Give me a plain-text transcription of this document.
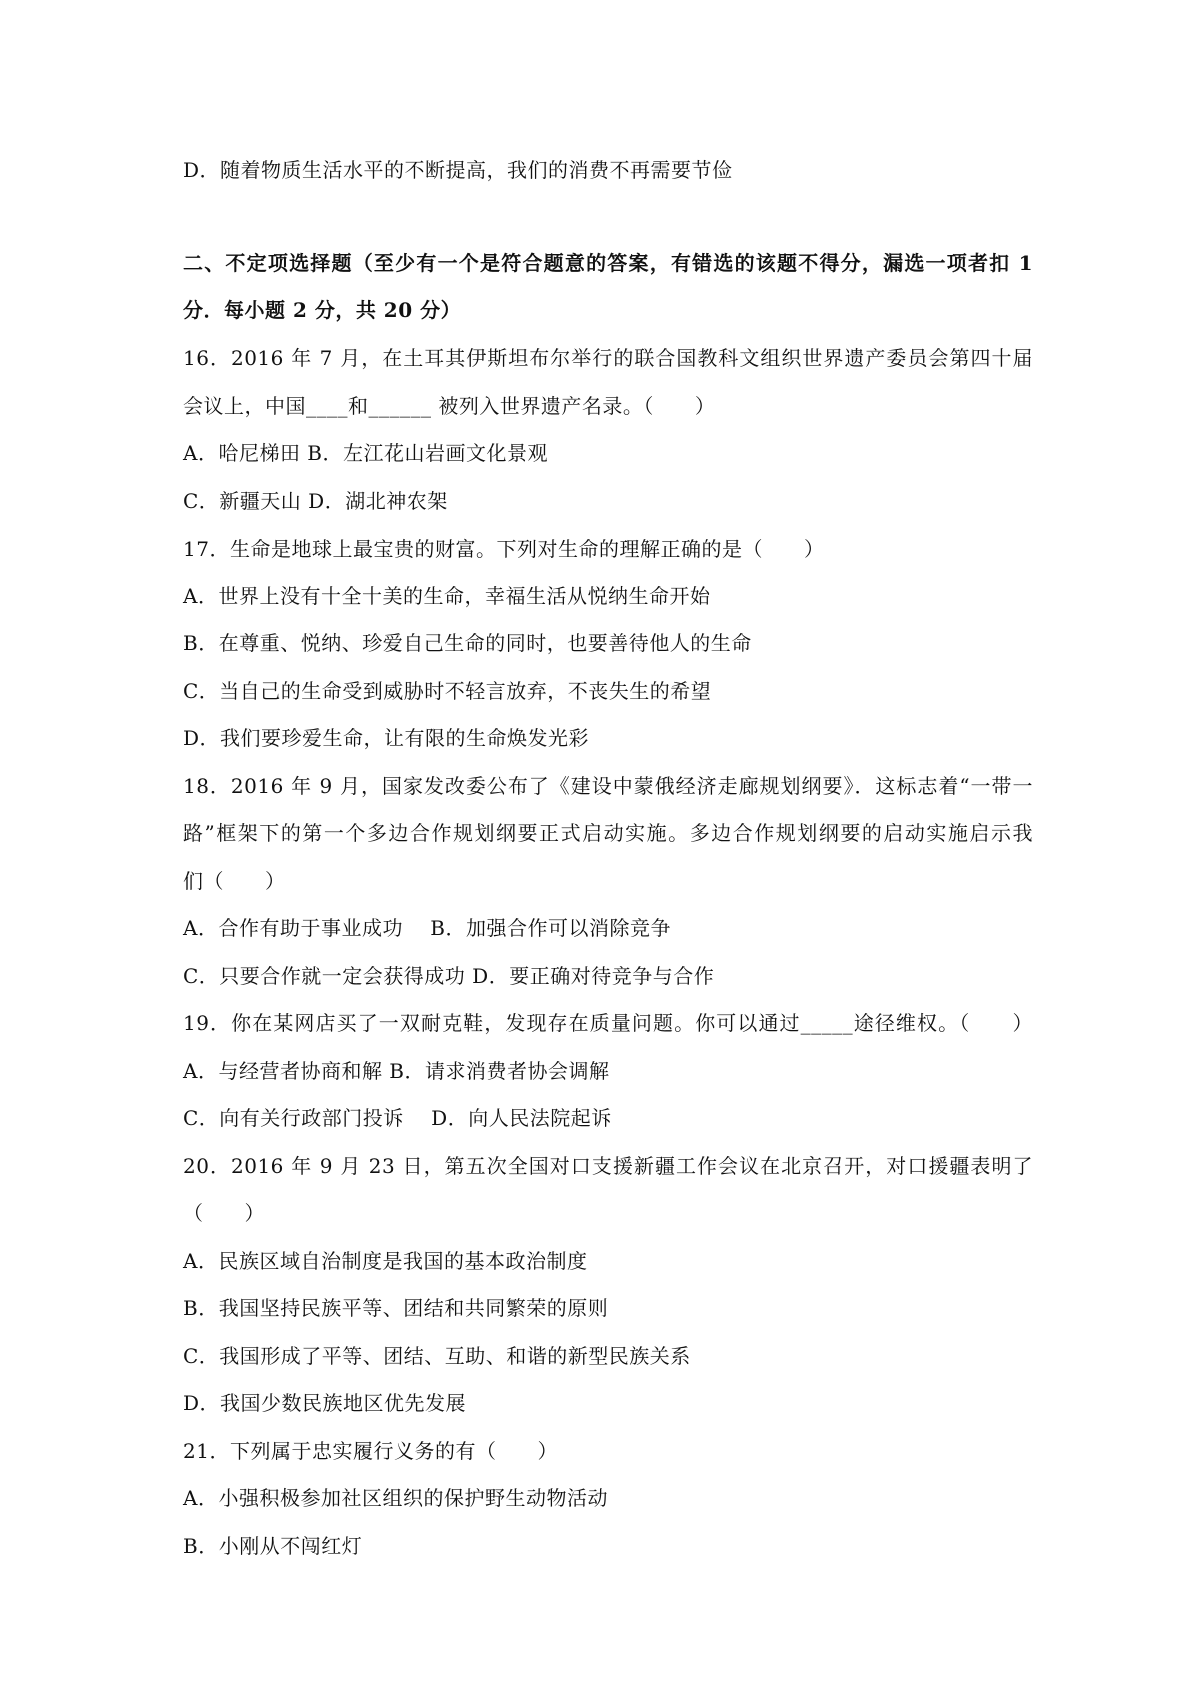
D．随着物质生活水平的不断提高，我们的消费不再需要节俭
二、不定项选择题（至少有一个是符合题意的答案，有错选的该题不得分，漏选一项者扣 1
分．每小题 2 分，共 20 分）
16．2016 年 7 月，在土耳其伊斯坦布尔举行的联合国教科文组织世界遗产委员会第四十届
会议上，中国____和______ 被列入世界遗产名录。（　　）
A．哈尼梯田 B．左江花山岩画文化景观
C．新疆天山 D．湖北神农架
17．生命是地球上最宝贵的财富。下列对生命的理解正确的是（　　）
A．世界上没有十全十美的生命，幸福生活从悦纳生命开始
B．在尊重、悦纳、珍爱自己生命的同时，也要善待他人的生命
C．当自己的生命受到威胁时不轻言放弃，不丧失生的希望
D．我们要珍爱生命，让有限的生命焕发光彩
18．2016 年 9 月，国家发改委公布了《建设中蒙俄经济走廊规划纲要》．这标志着“一带一
路”框架下的第一个多边合作规划纲要正式启动实施。多边合作规划纲要的启动实施启示我
们（　　）
A．合作有助于事业成功　 B．加强合作可以消除竞争
C．只要合作就一定会获得成功 D．要正确对待竞争与合作
19．你在某网店买了一双耐克鞋，发现存在质量问题。你可以通过_____途径维权。（　　）
A．与经营者协商和解 B．请求消费者协会调解
C．向有关行政部门投诉　 D．向人民法院起诉
20．2016 年 9 月 23 日，第五次全国对口支援新疆工作会议在北京召开，对口援疆表明了
（　　）
A．民族区域自治制度是我国的基本政治制度
B．我国坚持民族平等、团结和共同繁荣的原则
C．我国形成了平等、团结、互助、和谐的新型民族关系
D．我国少数民族地区优先发展
21．下列属于忠实履行义务的有（　　）
A．小强积极参加社区组织的保护野生动物活动
B．小刚从不闯红灯
